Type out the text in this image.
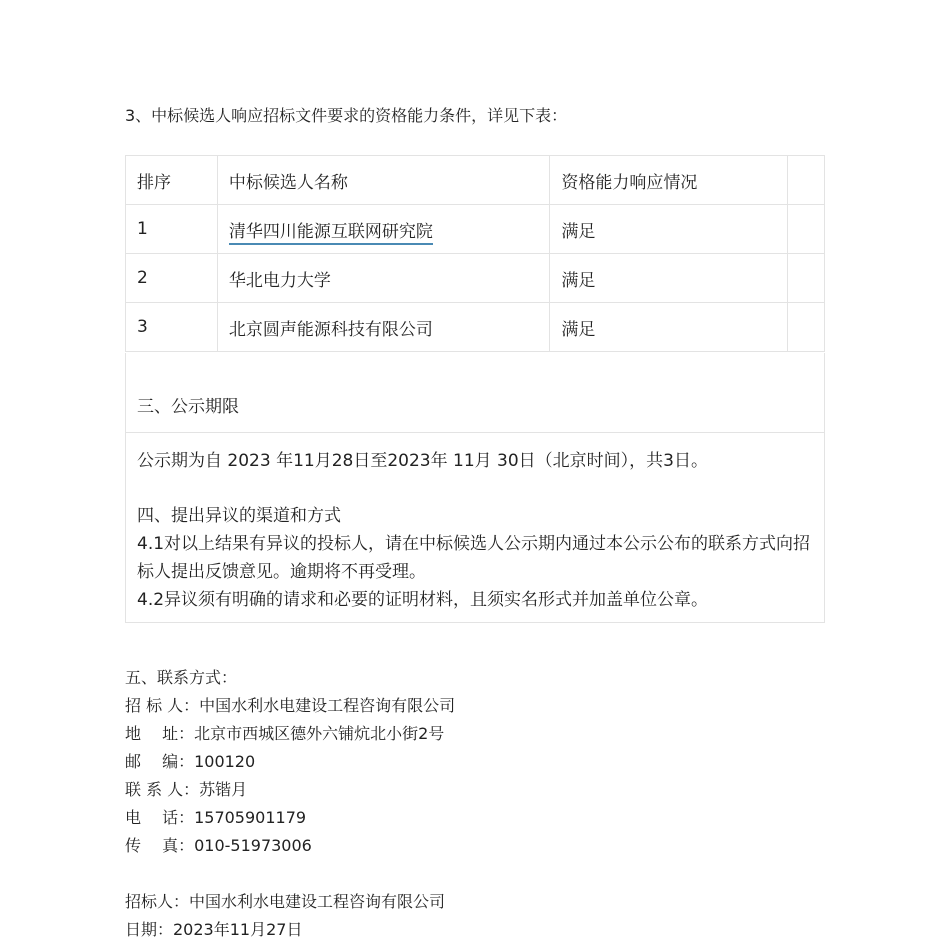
3、中标候选人响应招标文件要求的资格能力条件，详见下表：
排序	中标候选人名称	资格能力响应情况	
1	清华四川能源互联网研究院	满足	
2	华北电力大学	满足	
3	北京圆声能源科技有限公司	满足	
三、公示期限
公示期为自 2023 年11月28日至2023年 11月 30日（北京时间），共3日。
四、提出异议的渠道和方式
4.1对以上结果有异议的投标人，请在中标候选人公示期内通过本公示公布的联系方式向招标人提出反馈意见。逾期将不再受理。
4.2异议须有明确的请求和必要的证明材料，且须实名形式并加盖单位公章。
五、联系方式：
招 标 人：中国水利水电建设工程咨询有限公司
地　 址：北京市西城区德外六铺炕北小街2号
邮　 编：100120
联 系 人：苏锴月
电　 话：15705901179
传　 真：010-51973006
招标人：中国水利水电建设工程咨询有限公司
日期：2023年11月27日
